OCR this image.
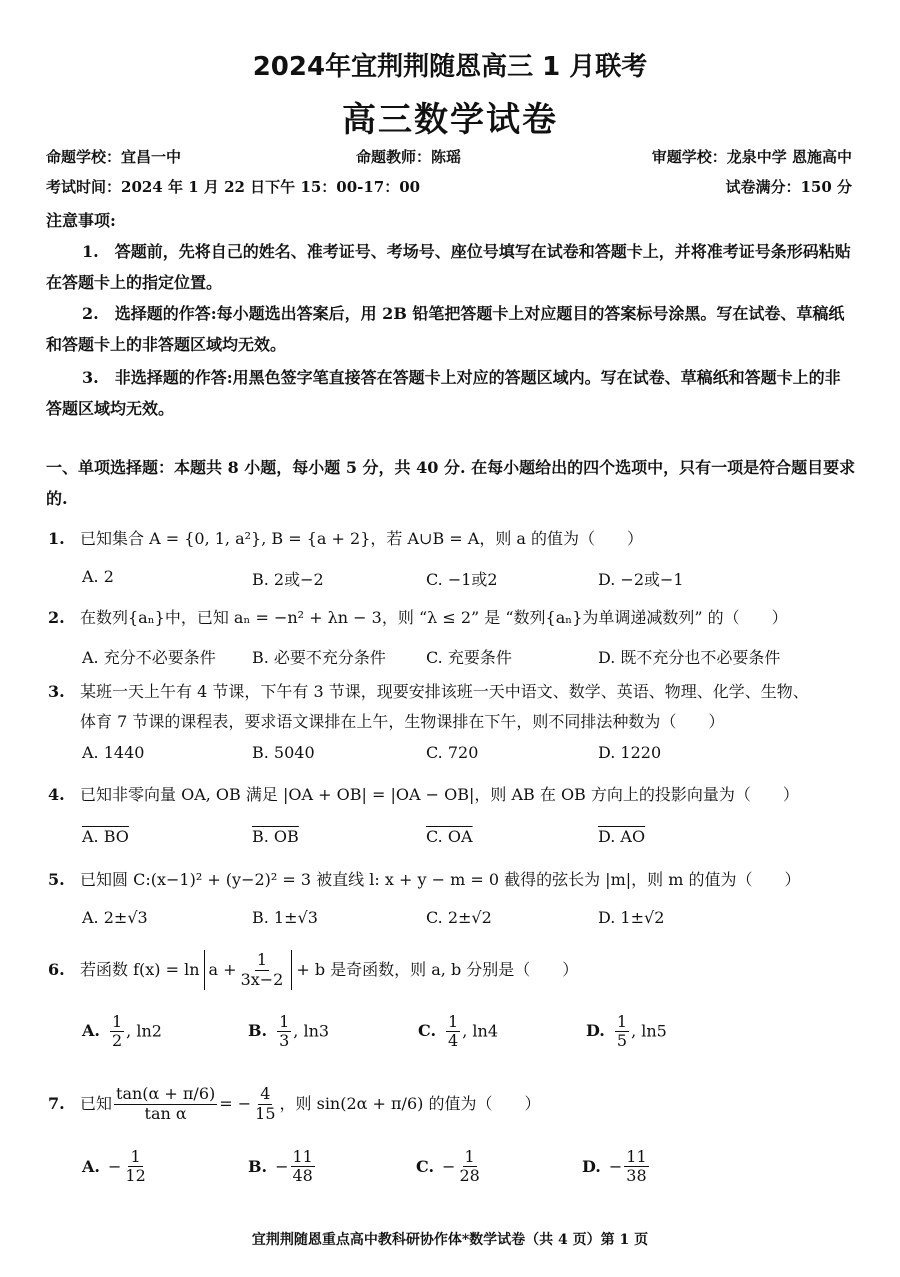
2024年宜荆荆随恩高三 1 月联考
高三数学试卷
命题学校：宜昌一中	命题教师：陈瑶	审题学校：龙泉中学 恩施高中
考试时间：2024 年 1 月 22 日下午 15：00-17：00	试卷满分：150 分
注意事项:
1.　答题前，先将自己的姓名、准考证号、考场号、座位号填写在试卷和答题卡上，并将准考证号条形码粘贴在答题卡上的指定位置。
2.　选择题的作答:每小题选出答案后，用 2B 铅笔把答题卡上对应题目的答案标号涂黑。写在试卷、草稿纸和答题卡上的非答题区域均无效。
3.　非选择题的作答:用黑色签字笔直接答在答题卡上对应的答题区域内。写在试卷、草稿纸和答题卡上的非答题区域均无效。
一、单项选择题：本题共 8 小题，每小题 5 分，共 40 分. 在每小题给出的四个选项中，只有一项是符合题目要求的.
1. 已知集合 A = {0, 1, a²}, B = {a + 2}，若 A∪B = A，则 a 的值为（　　）
A. 2	B. 2或−2	C. −1或2	D. −2或−1
2. 在数列{aₙ}中，已知 aₙ = −n² + λn − 3，则 “λ ≤ 2” 是 “数列{aₙ}为单调递减数列” 的（　　）
A. 充分不必要条件 B. 必要不充分条件	C. 充要条件	D. 既不充分也不必要条件
3. 某班一天上午有 4 节课，下午有 3 节课，现要安排该班一天中语文、数学、英语、物理、化学、生物、
体育 7 节课的课程表，要求语文课排在上午，生物课排在下午，则不同排法种数为（　　）
A. 1440	B. 5040	C. 720	D. 1220
4. 已知非零向量 OA, OB 满足 |OA + OB| = |OA − OB|，则 AB 在 OB 方向上的投影向量为（　　）
A. BO	B. OB	C. OA	D. AO
5. 已知圆 C:(x−1)² + (y−2)² = 3 被直线 l: x + y − m = 0 截得的弦长为 |m|，则 m 的值为（　　）
A. 2±√3	B. 1±√3	C. 2±√2	D. 1±√2
6. 若函数 $f(x) = \ln a + \frac{1}{3x-2} + b$ 是奇函数，则 a, b 分别是（　　）
A. $\frac{1}{2}$ , ln2	B. $\frac{1}{3}$ , ln3	C. $\frac{1}{4}$ , ln4	D. $\frac{1}{5}$ , ln5
7. 已知 $\frac{\tan(\alpha + \pi/6)}{\text{tan α}}$ = − $\frac{4}{15}$ ，则 sin(2α + π/6) 的值为（　　）
A. − $\frac{1}{12}$	B. − $\frac{11}{48}$	C. − $\frac{1}{28}$	D. − $\frac{11}{38}$
宜荆荆随恩重点高中教科研协作体*数学试卷（共 4 页）第 1 页
